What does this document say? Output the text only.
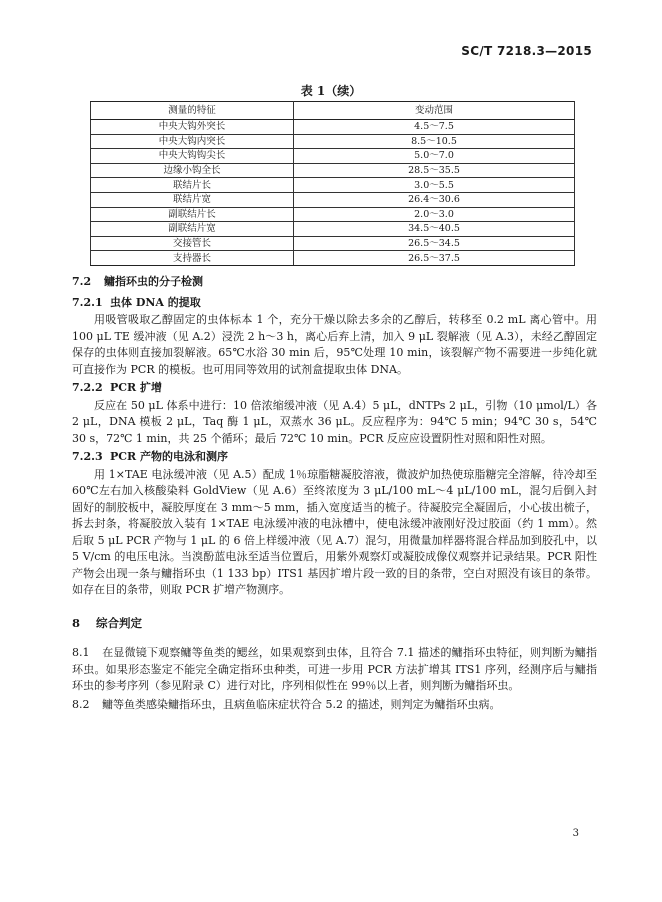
SC/T 7218.3—2015
表 1（续）
测量的特征	变动范围
中央大钩外突长	4.5～7.5
中央大钩内突长	8.5～10.5
中央大钩钩尖长	5.0～7.0
边缘小钩全长	28.5～35.5
联结片长	3.0～5.5
联结片宽	26.4～30.6
副联结片长	2.0～3.0
副联结片宽	34.5～40.5
交接管长	26.5～34.5
支持器长	26.5～37.5
7.2 鳙指环虫的分子检测
7.2.1 虫体 DNA 的提取

用吸管吸取乙醇固定的虫体标本 1 个，充分干燥以除去多余的乙醇后，转移至 0.2 mL 离心管中。用 100 μL TE 缓冲液（见 A.2）浸洗 2 h～3 h，离心后弃上清，加入 9 μL 裂解液（见 A.3），未经乙醇固定保存的虫体则直接加裂解液。65℃水浴 30 min 后，95℃处理 10 min，该裂解产物不需要进一步纯化就可直接作为 PCR 的模板。也可用同等效用的试剂盒提取虫体 DNA。

7.2.2 PCR 扩增

反应在 50 μL 体系中进行：10 倍浓缩缓冲液（见 A.4）5 μL，dNTPs 2 μL，引物（10 μmol/L）各2 μL，DNA 模板 2 μL，Taq 酶 1 μL，双蒸水 36 μL。反应程序为：94℃ 5 min；94℃ 30 s，54℃ 30 s，72℃ 1 min，共 25 个循环；最后 72℃ 10 min。PCR 反应应设置阴性对照和阳性对照。

7.2.3 PCR 产物的电泳和测序

用 1×TAE 电泳缓冲液（见 A.5）配成 1％琼脂糖凝胶溶液，微波炉加热使琼脂糖完全溶解，待冷却至 60℃左右加入核酸染料 GoldView（见 A.6）至终浓度为 3 μL/100 mL～4 μL/100 mL，混匀后倒入封固好的制胶板中，凝胶厚度在 3 mm～5 mm，插入宽度适当的梳子。待凝胶完全凝固后，小心拔出梳子，拆去封条，将凝胶放入装有 1×TAE 电泳缓冲液的电泳槽中，使电泳缓冲液刚好没过胶面（约 1 mm）。然后取 5 μL PCR 产物与 1 μL 的 6 倍上样缓冲液（见 A.7）混匀，用微量加样器将混合样品加到胶孔中，以 5 V/cm 的电压电泳。当溴酚蓝电泳至适当位置后，用紫外观察灯或凝胶成像仪观察并记录结果。PCR 阳性产物会出现一条与鳙指环虫（1 133 bp）ITS1 基因扩增片段一致的目的条带，空白对照没有该目的条带。如存在目的条带，则取 PCR 扩增产物测序。

8 综合判定

8.1 在显微镜下观察鳙等鱼类的鳃丝，如果观察到虫体，且符合 7.1 描述的鳙指环虫特征，则判断为鳙指环虫。如果形态鉴定不能完全确定指环虫种类，可进一步用 PCR 方法扩增其 ITS1 序列，经测序后与鳙指环虫的参考序列（参见附录 C）进行对比，序列相似性在 99％以上者，则判断为鳙指环虫。

8.2 鳙等鱼类感染鳙指环虫，且病鱼临床症状符合 5.2 的描述，则判定为鳙指环虫病。

3
